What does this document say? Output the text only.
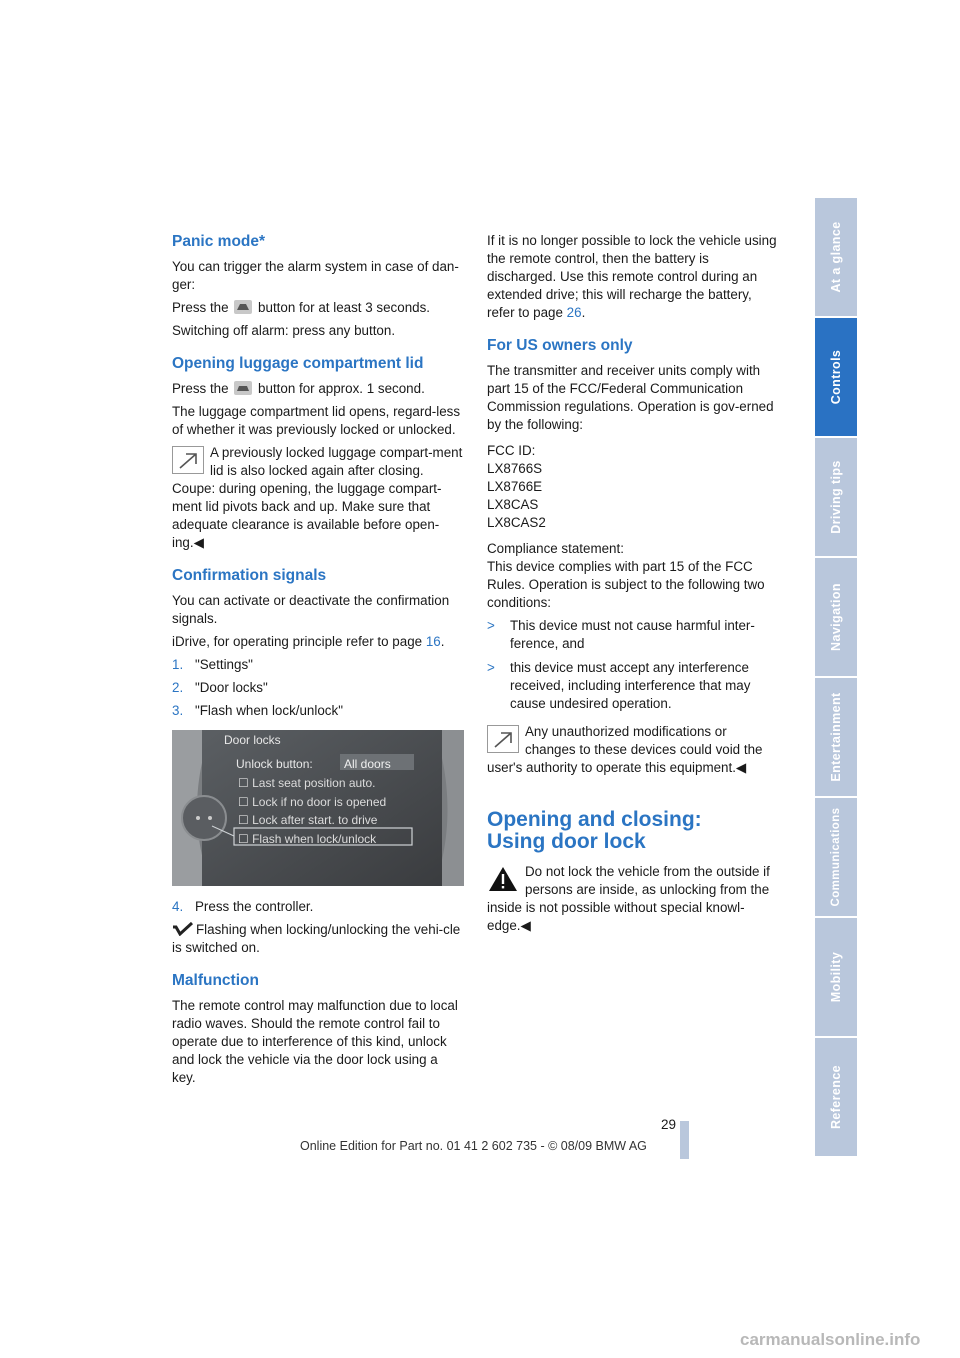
Panic mode*

You can trigger the alarm system in case of dan-ger:

Press the button for at least 3 seconds.

Switching off alarm: press any button.

Opening luggage compartment lid

Press the button for approx. 1 second.

The luggage compartment lid opens, regard-less of whether it was previously locked or unlocked.

A previously locked luggage compart-ment lid is also locked again after closing. Coupe: during opening, the luggage compart-ment lid pivots back and up. Make sure that adequate clearance is available before open-ing.◀

Confirmation signals

You can activate or deactivate the confirmation signals.

iDrive, for operating principle refer to page 16.

1. "Settings"
2. "Door locks"
3. "Flash when lock/unlock"
Door locks
Unlock button:	All doors
☐ Last seat position auto.
☐ Lock if no door is opened
☐ Lock after start. to drive
☐ Flash when lock/unlock
4. Press the controller.

Flashing when locking/unlocking the vehi-cle is switched on.

Malfunction

The remote control may malfunction due to local radio waves. Should the remote control fail to operate due to interference of this kind, unlock and lock the vehicle via the door lock using a key.

If it is no longer possible to lock the vehicle using the remote control, then the battery is discharged. Use this remote control during an extended drive; this will recharge the battery, refer to page 26.

For US owners only

The transmitter and receiver units comply with part 15 of the FCC/Federal Communication Commission regulations. Operation is gov-erned by the following:

FCC ID:
LX8766S
LX8766E
LX8CAS
LX8CAS2

Compliance statement:
This device complies with part 15 of the FCC Rules. Operation is subject to the following two conditions:

>	This device must not cause harmful inter-ference, and
>	this device must accept any interference received, including interference that may cause undesired operation.

Any unauthorized modifications or changes to these devices could void the user's authority to operate this equipment.◀

Opening and closing:
Using door lock

Do not lock the vehicle from the outside if persons are inside, as unlocking from the inside is not possible without special knowl-edge.◀

At a glance
Controls
Driving tips
Navigation
Entertainment
Communications
Mobility
Reference
29
Online Edition for Part no. 01 41 2 602 735 - © 08/09 BMW AG
carmanualsonline.info
